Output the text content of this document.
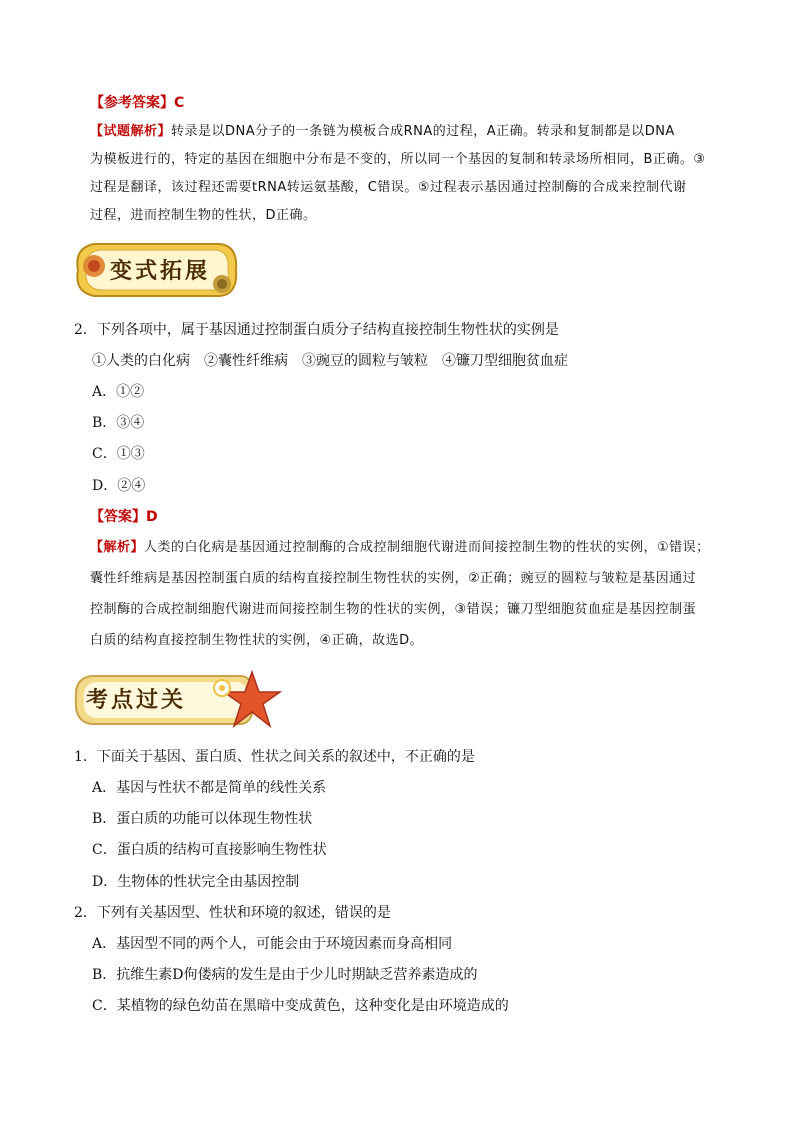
【参考答案】C
【试题解析】转录是以DNA分子的一条链为模板合成RNA的过程，A正确。转录和复制都是以DNA
为模板进行的，特定的基因在细胞中分布是不变的，所以同一个基因的复制和转录场所相同，B正确。③
过程是翻译，该过程还需要tRNA转运氨基酸，C错误。⑤过程表示基因通过控制酶的合成来控制代谢
过程，进而控制生物的性状，D正确。
变式拓展
2．下列各项中，属于基因通过控制蛋白质分子结构直接控制生物性状的实例是
①人类的白化病　②囊性纤维病　③豌豆的圆粒与皱粒　④镰刀型细胞贫血症
A．①②
B．③④
C．①③
D．②④
【答案】D
【解析】人类的白化病是基因通过控制酶的合成控制细胞代谢进而间接控制生物的性状的实例，①错误；
囊性纤维病是基因控制蛋白质的结构直接控制生物性状的实例，②正确；豌豆的圆粒与皱粒是基因通过
控制酶的合成控制细胞代谢进而间接控制生物的性状的实例，③错误；镰刀型细胞贫血症是基因控制蛋
白质的结构直接控制生物性状的实例，④正确，故选D。
考点过关
1．下面关于基因、蛋白质、性状之间关系的叙述中，不正确的是
A．基因与性状不都是简单的线性关系
B．蛋白质的功能可以体现生物性状
C．蛋白质的结构可直接影响生物性状
D．生物体的性状完全由基因控制
2．下列有关基因型、性状和环境的叙述，错误的是
A．基因型不同的两个人，可能会由于环境因素而身高相同
B．抗维生素D佝偻病的发生是由于少儿时期缺乏营养素造成的
C．某植物的绿色幼苗在黑暗中变成黄色，这种变化是由环境造成的
